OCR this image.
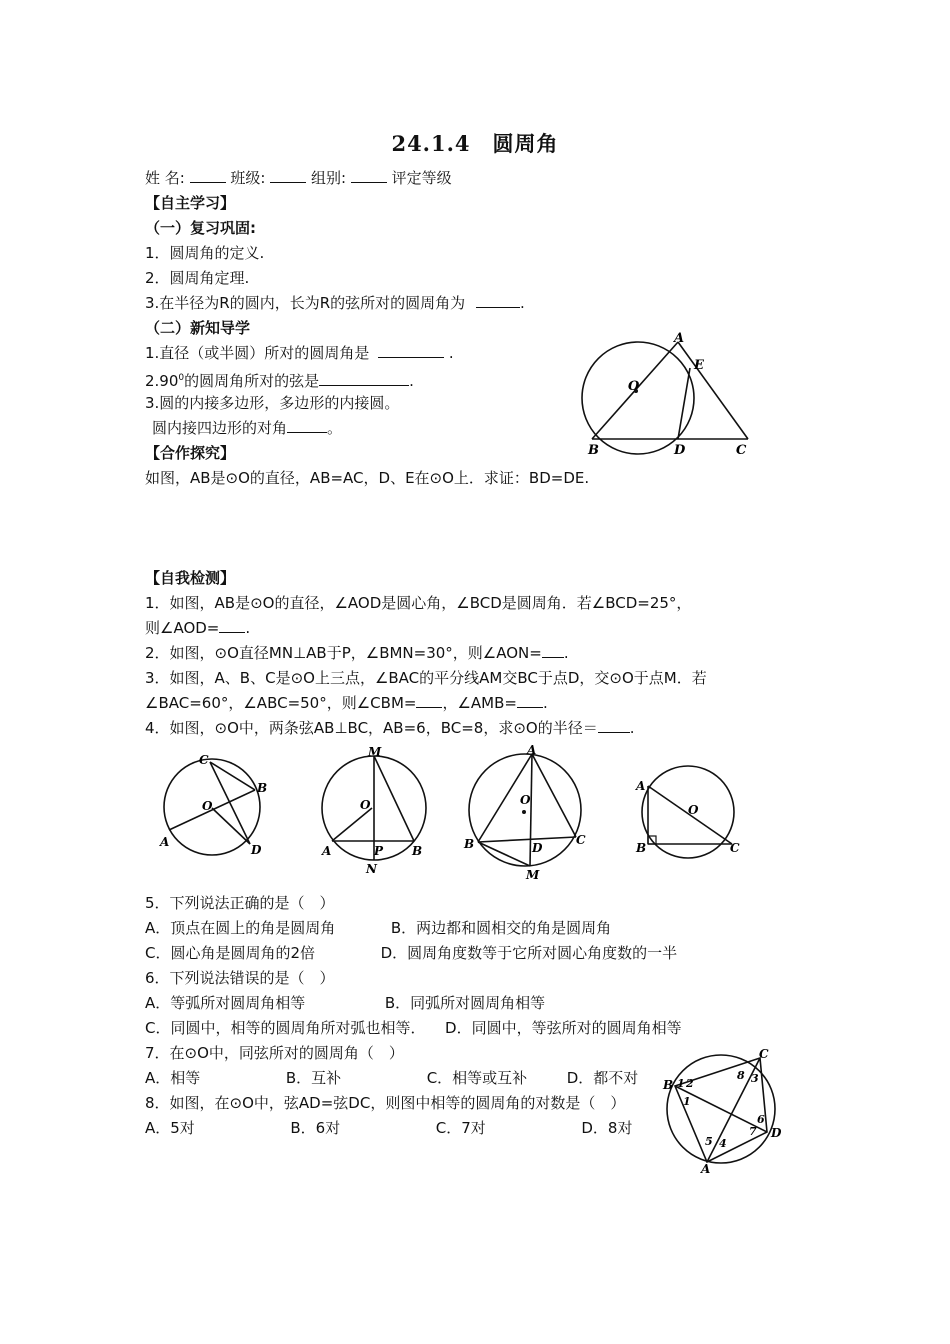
24.1.4　圆周角
姓 名:	班级:	组别:	评定等级
【自主学习】
（一）复习巩固:
1．圆周角的定义.
2．圆周角定理.
3.在半径为R的圆内，长为R的弦所对的圆周角为	.
（二）新知导学
1.直径（或半圆）所对的圆周角是	.
2.90$^0$的圆周角所对的弦是	.
3.圆的内接多边形，多边形的内接圆。
圆内接四边形的对角	。
【合作探究】
如图，AB是⊙O的直径，AB=AC，D、E在⊙O上．求证：BD=DE.
A
E
O
B	D	C
【自我检测】
1．如图，AB是⊙O的直径，∠AOD是圆心角，∠BCD是圆周角．若∠BCD=25°，
则∠AOD= .
2．如图，⊙O直径MN⊥AB于P，∠BMN=30°，则∠AON= .
3．如图，A、B、C是⊙O上三点，∠BAC的平分线AM交BC于点D，交⊙O于点M．若
∠BAC=60°，∠ABC=50°，则∠CBM= ，∠AMB= .
4．如图，⊙O中，两条弦AB⊥BC，AB=6，BC=8，求⊙O的半径＝ .
C
B
O
A
D
M
O
A	P B
N
A
O
B	D
C
M
A
O
B	C
5．下列说法正确的是（　）
A．顶点在圆上的角是圆周角	B．两边都和圆相交的角是圆周角
C．圆心角是圆周角的2倍	D．圆周角度数等于它所对圆心角度数的一半
6．下列说法错误的是（　）
A．等弧所对圆周角相等	B．同弧所对圆周角相等
C．同圆中，相等的圆周角所对弧也相等． D．同圆中，等弦所对的圆周角相等
7．在⊙O中，同弦所对的圆周角（　）
A．相等	B．互补	C．相等或互补	D．都不对
8．如图，在⊙O中，弦AD=弦DC，则图中相等的圆周角的对数是（　）
A．5对	B．6对	C．7对	D．8对
C
8 3
B 1 2
1
6
7 D
5 4
A
